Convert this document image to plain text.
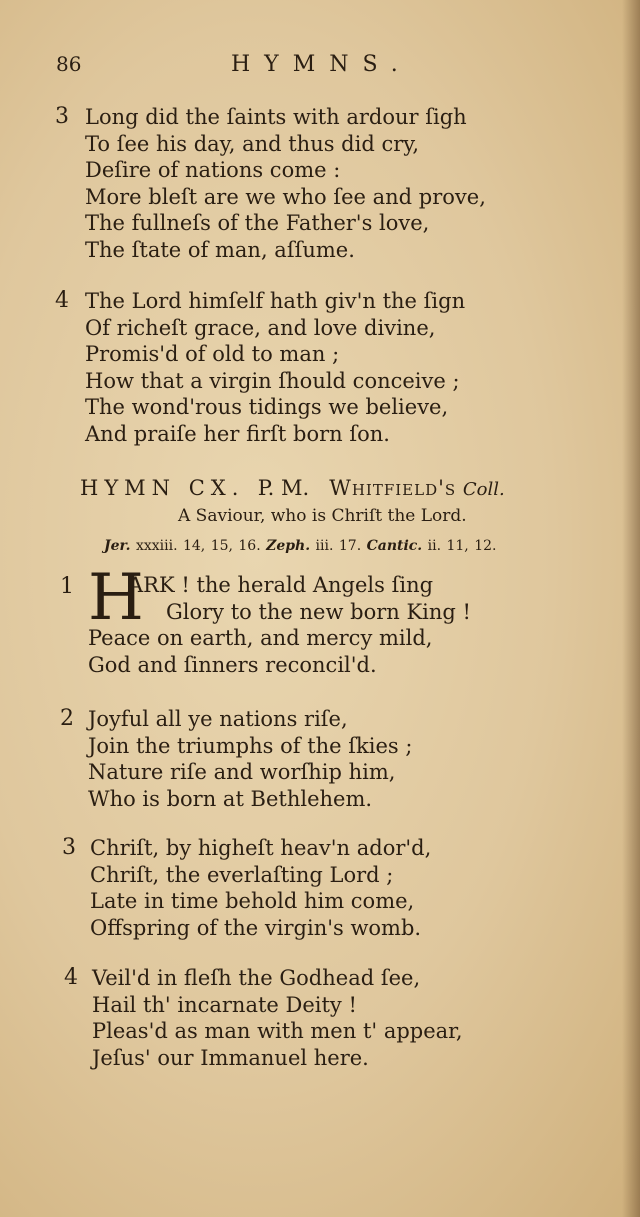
86	HYMNS.
3 Long did the ſaints with ardour ſigh
To ſee his day, and thus did cry,
Deſire of nations come :
More bleſt are we who ſee and prove,
The fullneſs of the Father's love,
The ſtate of man, aſſume.
4 The Lord himſelf hath giv'n the ſign
Of richeſt grace, and love divine,
Promis'd of old to man ;
How that a virgin ſhould conceive ;
The wond'rous tidings we believe,
And praiſe her firſt born ſon.
HYMN CX. P. M. Whitfield's Coll.
A Saviour, who is Chriſt the Lord.
Jer. xxxiii. 14, 15, 16. Zeph. iii. 17. Cantic. ii. 11, 12.
1 H
ARK ! the herald Angels ſing
Glory to the new born King !
Peace on earth, and mercy mild,
God and ſinners reconcil'd.
2 Joyful all ye nations riſe,
Join the triumphs of the ſkies ;
Nature riſe and worſhip him,
Who is born at Bethlehem.
3 Chriſt, by higheſt heav'n ador'd,
Chriſt, the everlaſting Lord ;
Late in time behold him come,
Offspring of the virgin's womb.
4 Veil'd in fleſh the Godhead ſee,
Hail th' incarnate Deity !
Pleas'd as man with men t' appear,
Jeſus' our Immanuel here.
